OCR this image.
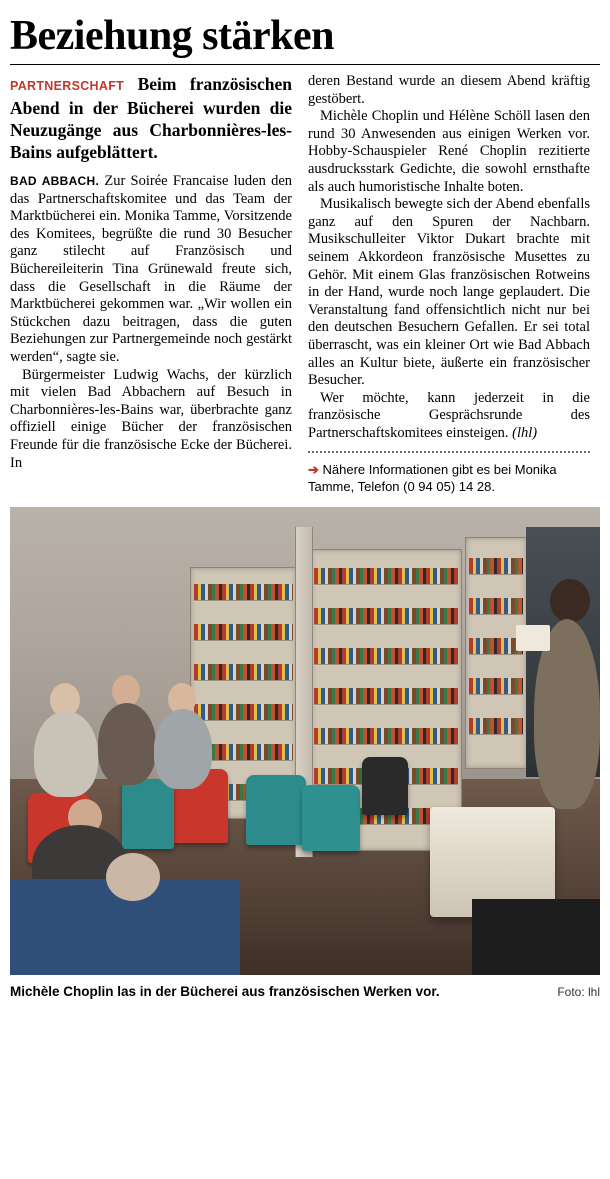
Beziehung stärken

PARTNERSCHAFT Beim französischen Abend in der Bücherei wurden die Neuzugänge aus Charbonnières-les-Bains aufgeblättert.

BAD ABBACH. Zur Soirée Francaise luden den das Partnerschaftskomitee und das Team der Marktbücherei ein. Monika Tamme, Vorsitzende des Komitees, begrüßte die rund 30 Besucher ganz stilecht auf Französisch und Büchereileiterin Tina Grünewald freute sich, dass die Gesellschaft in die Räume der Marktbücherei gekommen war. „Wir wollen ein Stückchen dazu beitragen, dass die guten Beziehungen zur Partnergemeinde noch gestärkt werden“, sagte sie.

Bürgermeister Ludwig Wachs, der kürzlich mit vielen Bad Abbachern auf Besuch in Charbonnières-les-Bains war, überbrachte ganz offiziell einige Bücher der französischen Freunde für die französische Ecke der Bücherei. In

deren Bestand wurde an diesem Abend kräftig gestöbert.

Michèle Choplin und Hélène Schöll lasen den rund 30 Anwesenden aus einigen Werken vor. Hobby-Schauspieler René Choplin rezitierte ausdrucksstark Gedichte, die sowohl ernsthafte als auch humoristische Inhalte boten.

Musikalisch bewegte sich der Abend ebenfalls ganz auf den Spuren der Nachbarn. Musikschulleiter Viktor Dukart brachte mit seinem Akkordeon französische Musettes zu Gehör. Mit einem Glas französischen Rotweins in der Hand, wurde noch lange geplaudert. Die Veranstaltung fand offensichtlich nicht nur bei den deutschen Besuchern Gefallen. Er sei total überrascht, was ein kleiner Ort wie Bad Abbach alles an Kultur biete, äußerte ein französischer Besucher.

Wer möchte, kann jederzeit in die französische Gesprächsrunde des Partnerschaftskomitees einsteigen. (lhl)

➔ Nähere Informationen gibt es bei Monika Tamme, Telefon (0 94 05) 14 28.

Michèle Choplin las in der Bücherei aus französischen Werken vor.	Foto: lhl
